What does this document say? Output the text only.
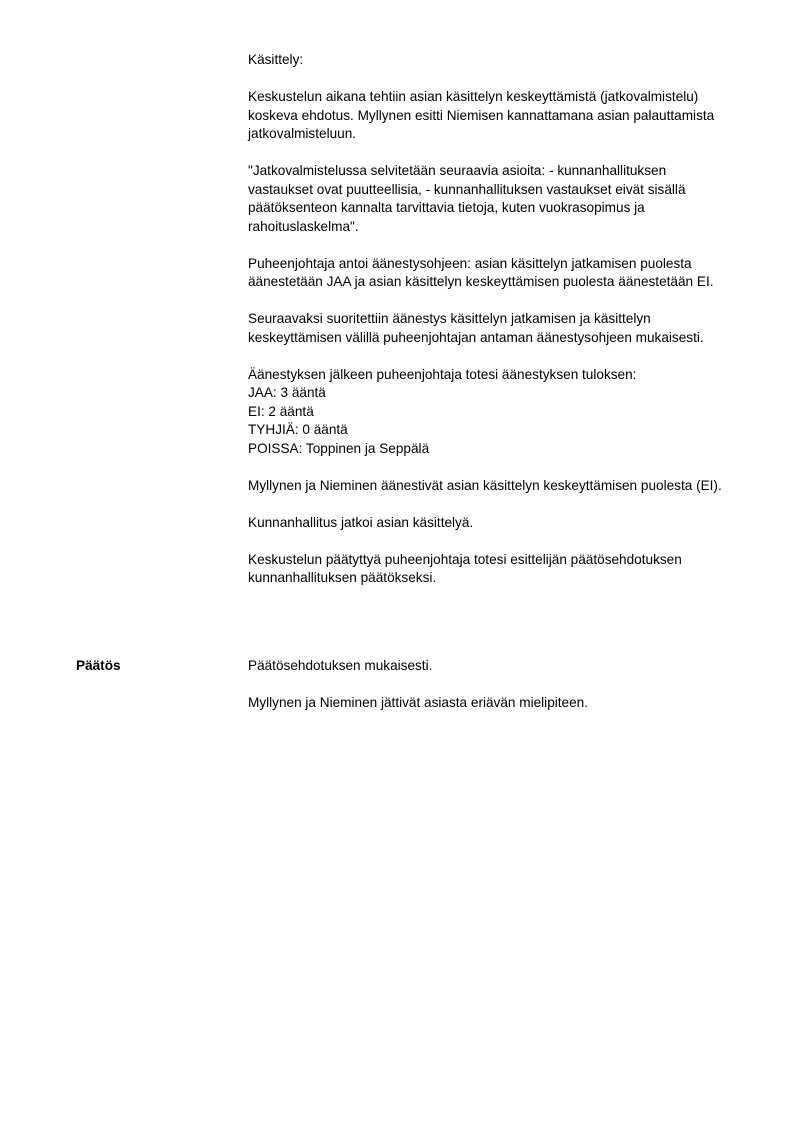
Käsittely:

Keskustelun aikana tehtiin asian käsittelyn keskeyttämistä (jatkovalmistelu) koskeva ehdotus. Myllynen esitti Niemisen kannattamana asian palauttamista jatkovalmisteluun.

"Jatkovalmistelussa selvitetään seuraavia asioita: - kunnanhallituksen vastaukset ovat puutteellisia, - kunnanhallituksen vastaukset eivät sisällä päätöksenteon kannalta tarvittavia tietoja, kuten vuokrasopimus ja rahoituslaskelma".

Puheenjohtaja antoi äänestysohjeen: asian käsittelyn jatkamisen puolesta äänestetään JAA ja asian käsittelyn keskeyttämisen puolesta äänestetään EI.

Seuraavaksi suoritettiin äänestys käsittelyn jatkamisen ja käsittelyn keskeyttämisen välillä puheenjohtajan antaman äänestysohjeen mukaisesti.

Äänestyksen jälkeen puheenjohtaja totesi äänestyksen tuloksen:
JAA: 3 ääntä
EI: 2 ääntä
TYHJIÄ: 0 ääntä
POISSA: Toppinen ja Seppälä

Myllynen ja Nieminen äänestivät asian käsittelyn keskeyttämisen puolesta (EI).

Kunnanhallitus jatkoi asian käsittelyä.

Keskustelun päätyttyä puheenjohtaja totesi esittelijän päätösehdotuksen kunnanhallituksen päätökseksi.

Päätös	Päätösehdotuksen mukaisesti.

Myllynen ja Nieminen jättivät asiasta eriävän mielipiteen.
